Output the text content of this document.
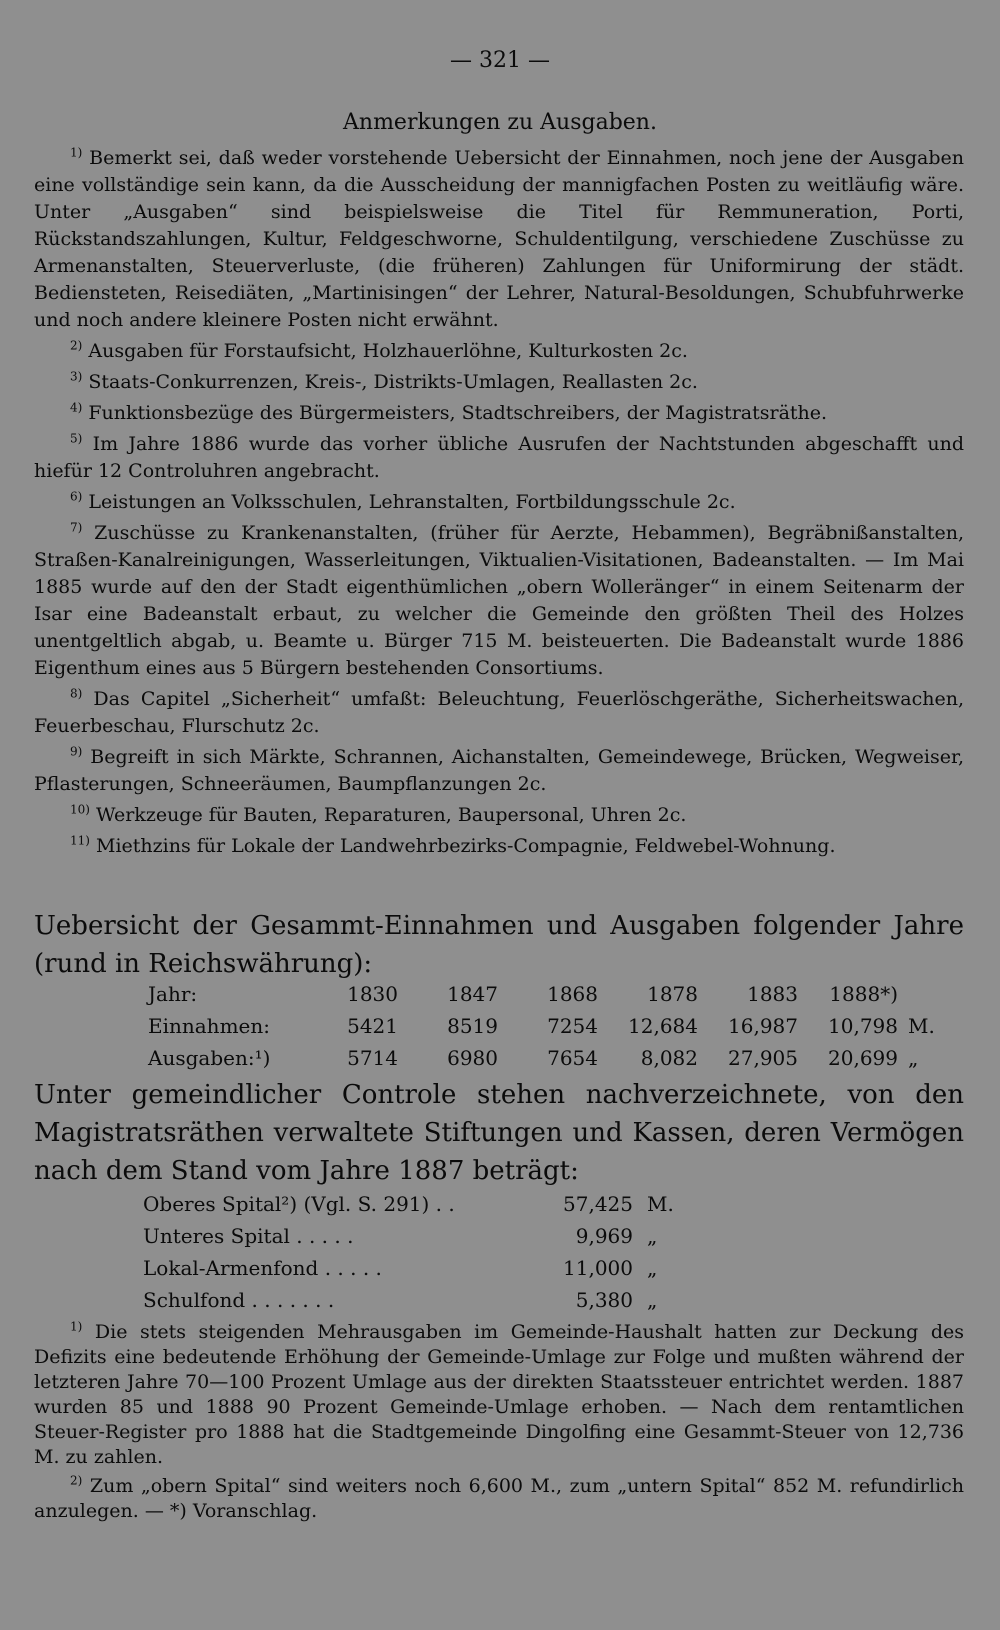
— 321 —
Anmerkungen zu Ausgaben.

$^{1)}$ Bemerkt sei, daß weder vorstehende Uebersicht der Einnahmen, noch jene der Ausgaben eine vollständige sein kann, da die Ausscheidung der mannigfachen Posten zu weitläufig wäre. Unter „Ausgaben“ sind beispielsweise die Titel für Remmuneration, Porti, Rückstandszahlungen, Kultur, Feldgeschworne, Schuldentilgung, verschiedene Zuschüsse zu Armenanstalten, Steuerverluste, (die früheren) Zahlungen für Uniformirung der städt. Bediensteten, Reisediäten, „Martinisingen“ der Lehrer, Natural-Besoldungen, Schubfuhrwerke und noch andere kleinere Posten nicht erwähnt.

$^{2)}$ Ausgaben für Forstaufsicht, Holzhauerlöhne, Kulturkosten 2c.

$^{3)}$ Staats-Conkurrenzen, Kreis-, Distrikts-Umlagen, Reallasten 2c.

$^{4)}$ Funktionsbezüge des Bürgermeisters, Stadtschreibers, der Magistratsräthe.

$^{5)}$ Im Jahre 1886 wurde das vorher übliche Ausrufen der Nachtstunden abgeschafft und hiefür 12 Controluhren angebracht.

$^{6)}$ Leistungen an Volksschulen, Lehranstalten, Fortbildungsschule 2c.

$^{7)}$ Zuschüsse zu Krankenanstalten, (früher für Aerzte, Hebammen), Begräbnißanstalten, Straßen-Kanalreinigungen, Wasserleitungen, Viktualien-Visitationen, Badeanstalten. — Im Mai 1885 wurde auf den der Stadt eigenthümlichen „obern Wolleränger“ in einem Seitenarm der Isar eine Badeanstalt erbaut, zu welcher die Gemeinde den größten Theil des Holzes unentgeltlich abgab, u. Beamte u. Bürger 715 M. beisteuerten. Die Badeanstalt wurde 1886 Eigenthum eines aus 5 Bürgern bestehenden Consortiums.

$^{8)}$ Das Capitel „Sicherheit“ umfaßt: Beleuchtung, Feuerlöschgeräthe, Sicherheitswachen, Feuerbeschau, Flurschutz 2c.

$^{9)}$ Begreift in sich Märkte, Schrannen, Aichanstalten, Gemeindewege, Brücken, Wegweiser, Pflasterungen, Schneeräumen, Baumpflanzungen 2c.

$^{10)}$ Werkzeuge für Bauten, Reparaturen, Baupersonal, Uhren 2c.

$^{11)}$ Miethzins für Lokale der Landwehrbezirks-Compagnie, Feldwebel-Wohnung.

Uebersicht der Gesammt-Einnahmen und Ausgaben folgender Jahre (rund in Reichswährung):
Jahr:	1830	1847	1868	1878	1883	1888*)	
Einnahmen:	5421	8519	7254	12,684	16,987	10,798	M.
Ausgaben:¹)	5714	6980	7654	8,082	27,905	20,699	„
Unter gemeindlicher Controle stehen nachverzeichnete, von den Magistratsräthen verwaltete Stiftungen und Kassen, deren Vermögen nach dem Stand vom Jahre 1887 beträgt:
Oberes Spital²) (Vgl. S. 291) . .	57,425	M.
Unteres Spital . . . . .	9,969	„
Lokal-Armenfond . . . . .	11,000	„
Schulfond . . . . . . .	5,380	„

$^{1)}$ Die stets steigenden Mehrausgaben im Gemeinde-Haushalt hatten zur Deckung des Defizits eine bedeutende Erhöhung der Gemeinde-Umlage zur Folge und mußten während der letzteren Jahre 70—100 Prozent Umlage aus der direkten Staatssteuer entrichtet werden. 1887 wurden 85 und 1888 90 Prozent Gemeinde-Umlage erhoben. — Nach dem rentamtlichen Steuer-Register pro 1888 hat die Stadtgemeinde Dingolfing eine Gesammt-Steuer von 12,736 M. zu zahlen.

$^{2)}$ Zum „obern Spital“ sind weiters noch 6,600 M., zum „untern Spital“ 852 M. refundirlich anzulegen. — *) Voranschlag.
